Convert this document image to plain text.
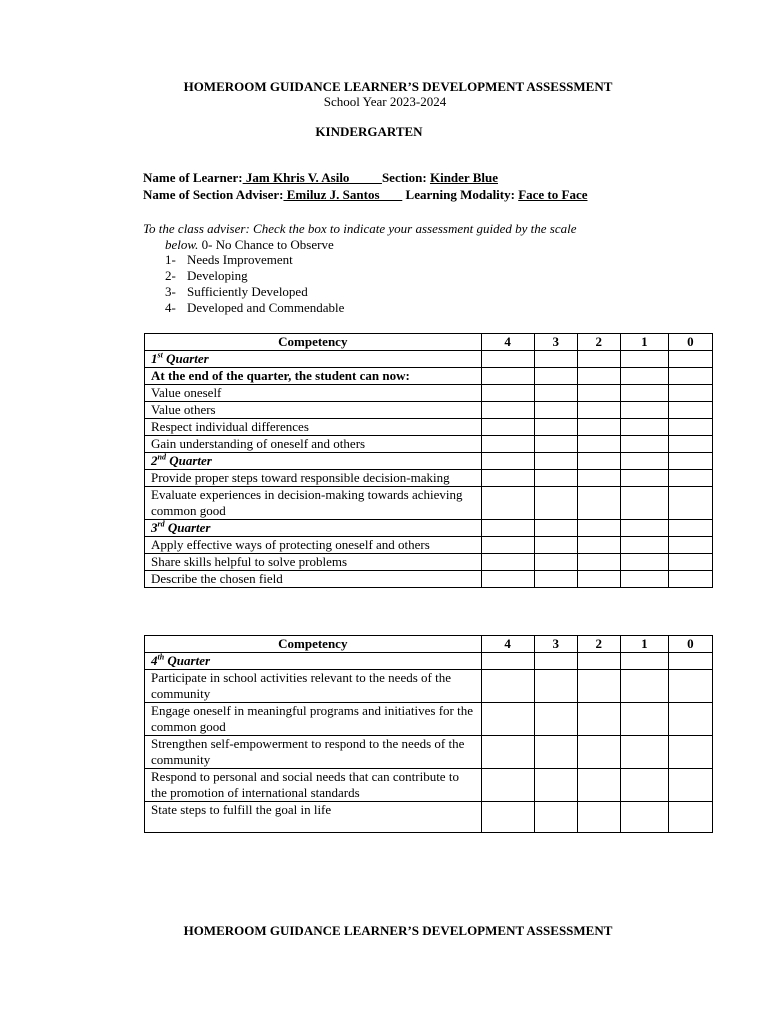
HOMEROOM GUIDANCE LEARNER’S DEVELOPMENT ASSESSMENT
School Year 2023-2024
KINDERGARTEN
Name of Learner: Jam Khris V. Asilo          Section: Kinder Blue
Name of Section Adviser: Emiluz J. Santos        Learning Modality: Face to Face
To the class adviser: Check the box to indicate your assessment guided by the scale
below. 0- No Chance to Observe
1- Needs Improvement
2- Developing
3- Sufficiently Developed
4- Developed and Commendable
Competency	4	3	2	1	0
1st Quarter					
At the end of the quarter, the student can now:					
Value oneself					
Value others					
Respect individual differences					
Gain understanding of oneself and others					
2nd Quarter					
Provide proper steps toward responsible decision-making					
Evaluate experiences in decision-making towards achieving common good					
3rd Quarter					
Apply effective ways of protecting oneself and others					
Share skills helpful to solve problems					
Describe the chosen field					
Competency	4	3	2	1	0
4th Quarter					
Participate in school activities relevant to the needs of the community					
Engage oneself in meaningful programs and initiatives for the common good					
Strengthen self-empowerment to respond to the needs of the community					
Respond to personal and social needs that can contribute to the promotion of international standards					
State steps to fulfill the goal in life					
HOMEROOM GUIDANCE LEARNER’S DEVELOPMENT ASSESSMENT
